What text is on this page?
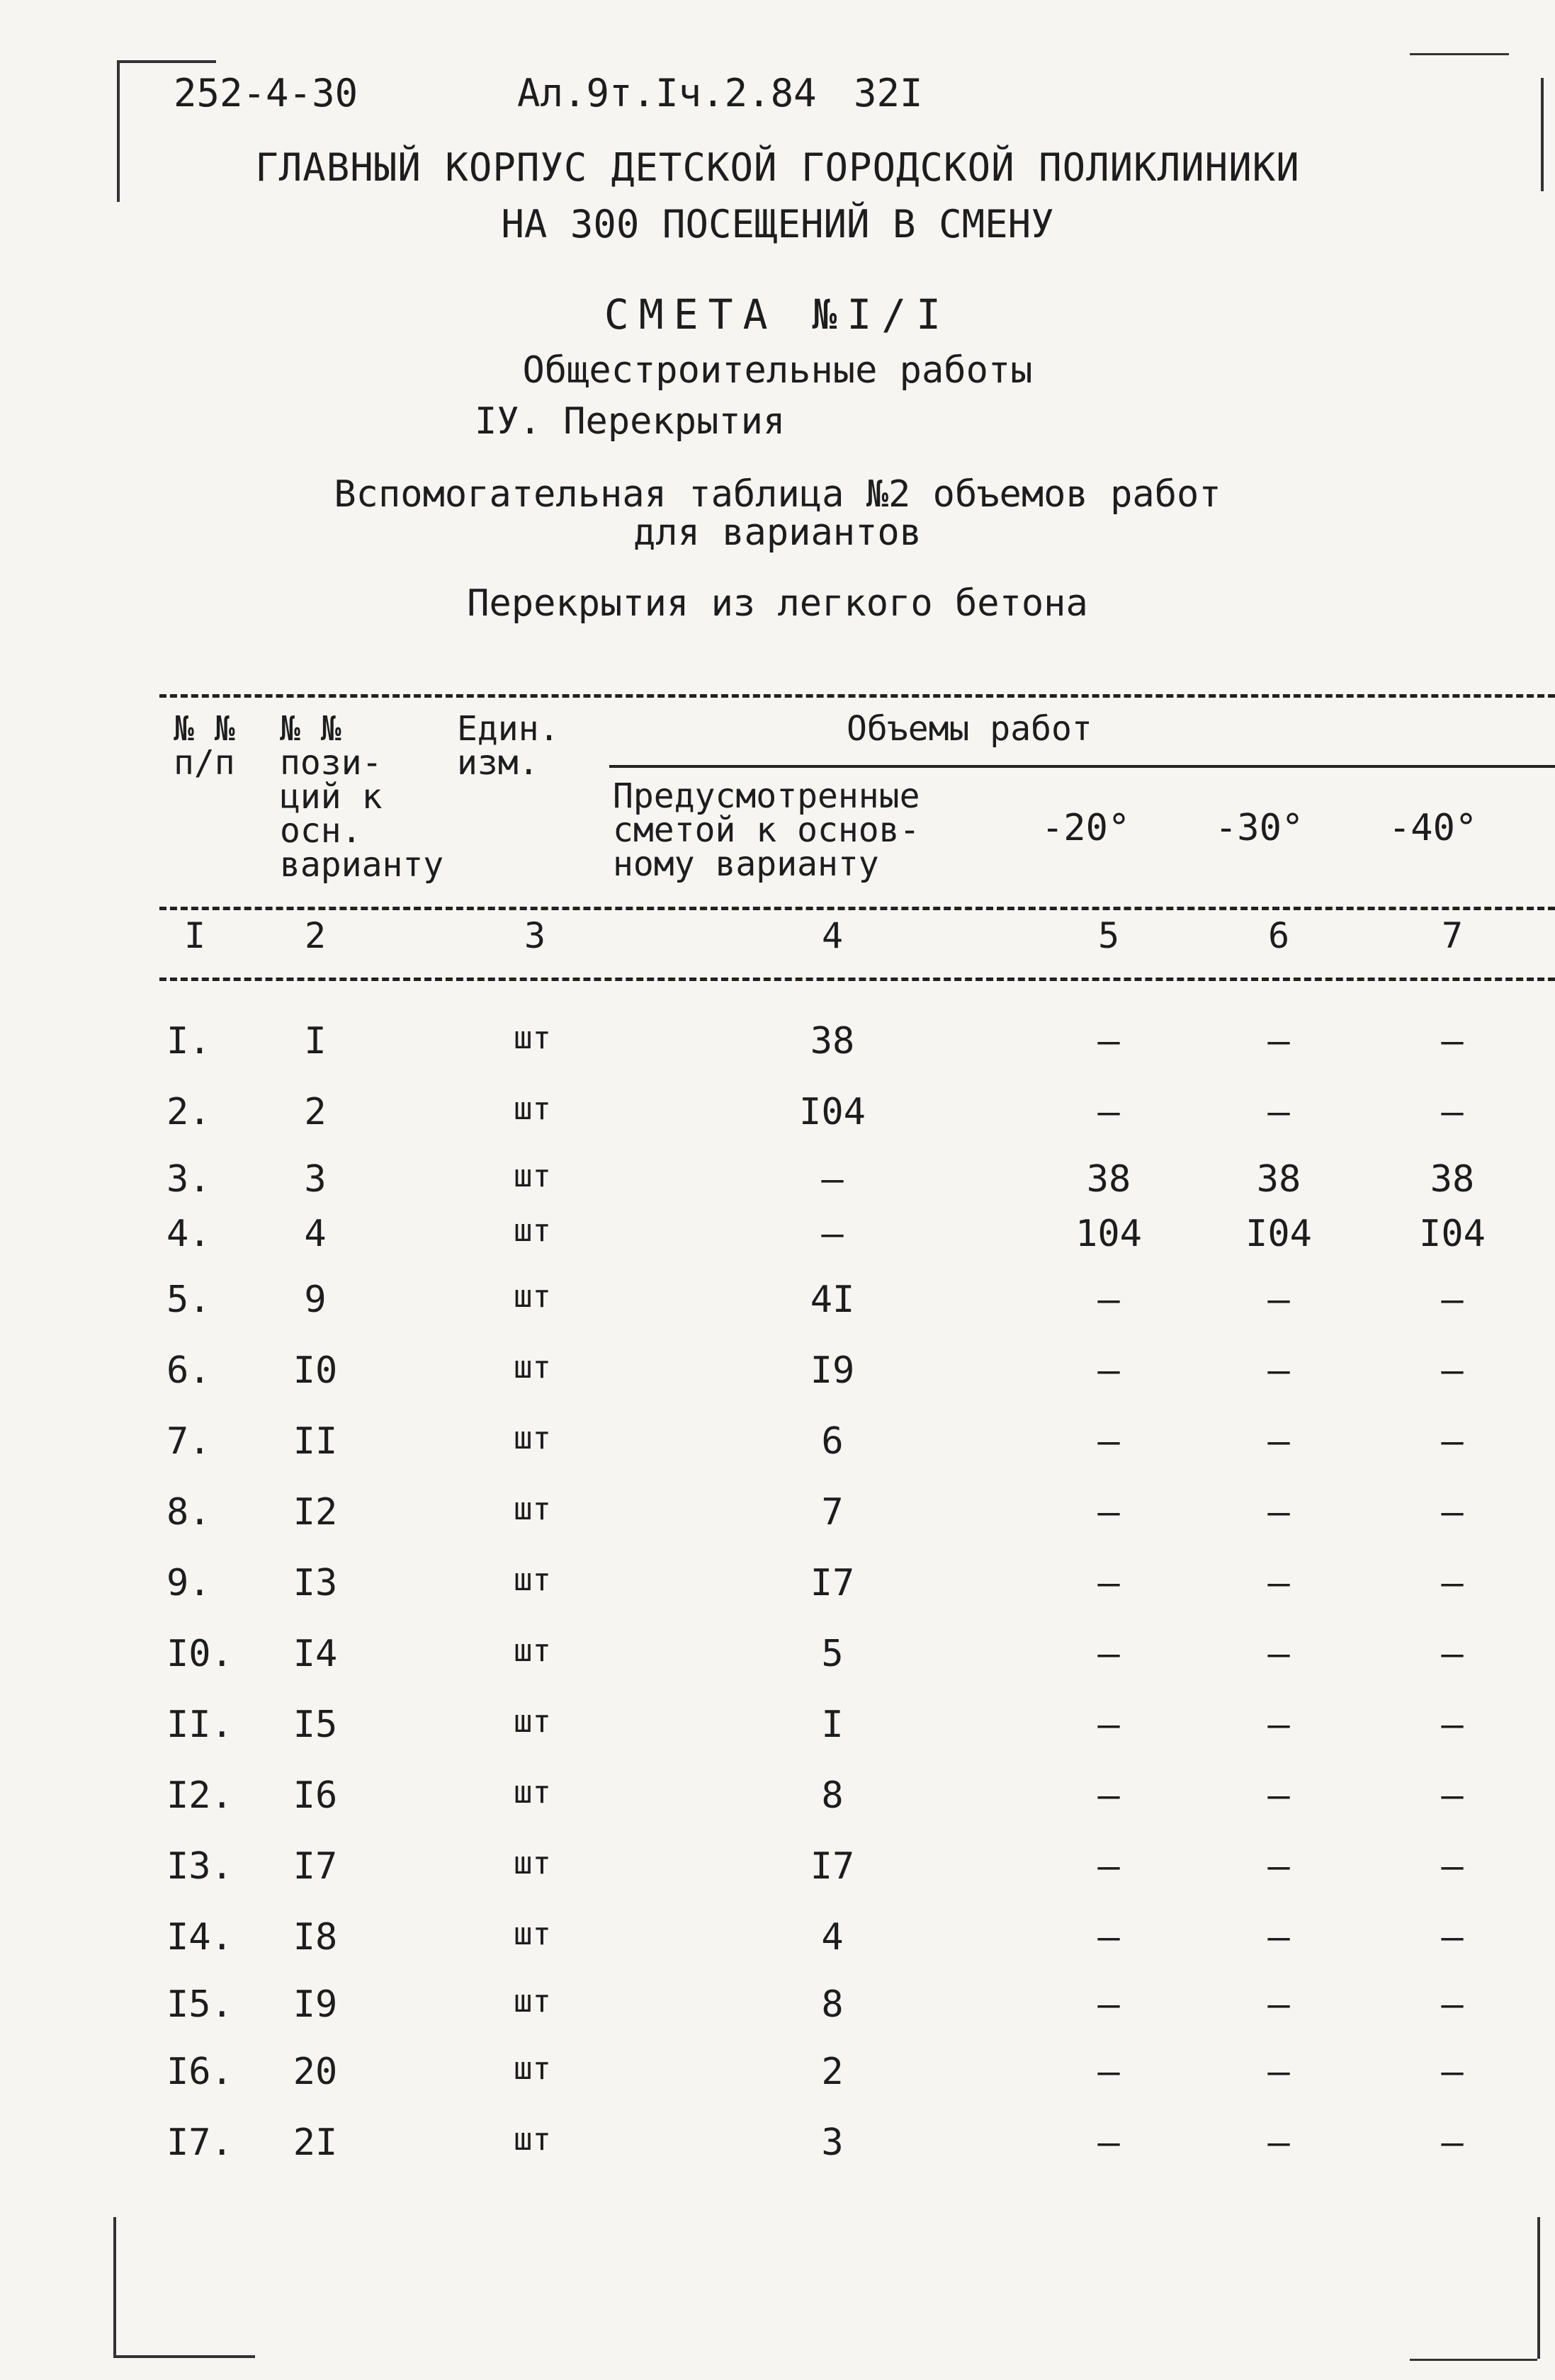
252-4-30	Ал.9т.Iч.2.84 32I
ГЛАВНЫЙ КОРПУС ДЕТСКОЙ ГОРОДСКОЙ ПОЛИКЛИНИКИ
НА 300 ПОСЕЩЕНИЙ В СМЕНУ
СМЕТА №I/I
Общестроительные работы
IУ. Перекрытия
Вспомогательная таблица №2 объемов работ
для вариантов
Перекрытия из легкого бетона
№ №
п/п
№ №
пози-
ций к
осн.
варианту
Един.
изм.
Объемы работ
Предусмотренные
сметой к основ-
ному варианту
-20° -30° -40°
I	2	3	4	5	6	7
I.	I	шт	38	–	–	–
2.	2	шт	I04	–	–	–
3.	3	шт	–	38	38	38
4.	4	шт	–	104	I04	I04
5.	9	шт	4I	–	–	–
6.	I0	шт	I9	–	–	–
7.	II	шт	6	–	–	–
8.	I2	шт	7	–	–	–
9.	I3	шт	I7	–	–	–
I0.	I4	шт	5	–	–	–
II.	I5	шт	I	–	–	–
I2.	I6	шт	8	–	–	–
I3.	I7	шт	I7	–	–	–
I4.	I8	шт	4	–	–	–
I5.	I9	шт	8	–	–	–
I6.	20	шт	2	–	–	–
I7.	2I	шт	3	–	–	–
